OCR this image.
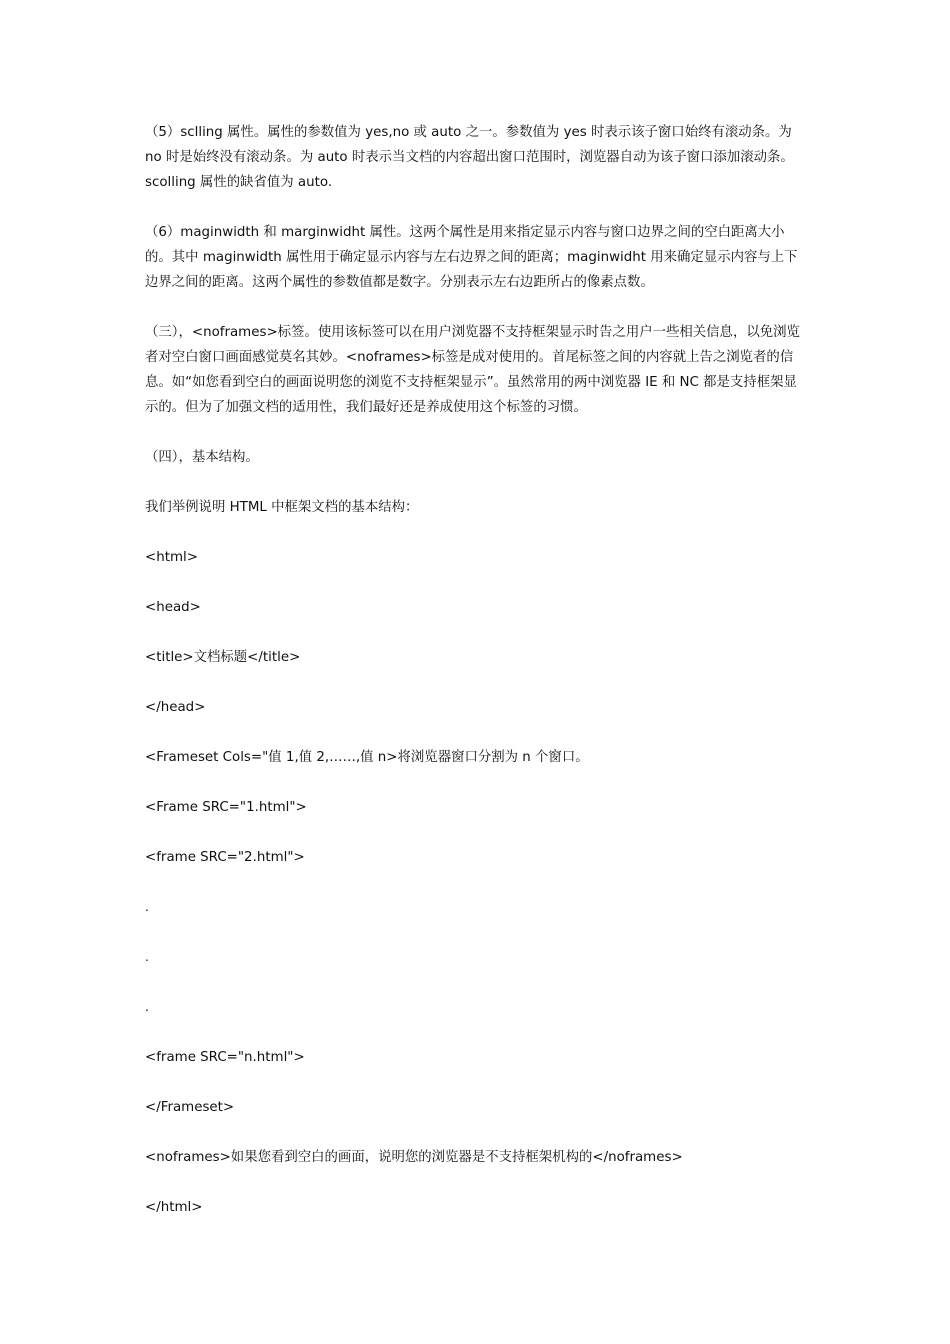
（5）sclling 属性。属性的参数值为 yes,no 或 auto 之一。参数值为 yes 时表示该子窗口始终有滚动条。为 no 时是始终没有滚动条。为 auto 时表示当文档的内容超出窗口范围时，浏览器自动为该子窗口添加滚动条。scolling 属性的缺省值为 auto.

（6）maginwidth 和 marginwidht 属性。这两个属性是用来指定显示内容与窗口边界之间的空白距离大小的。其中 maginwidth 属性用于确定显示内容与左右边界之间的距离；maginwidht 用来确定显示内容与上下边界之间的距离。这两个属性的参数值都是数字。分别表示左右边距所占的像素点数。

（三），<noframes>标签。使用该标签可以在用户浏览器不支持框架显示时告之用户一些相关信息，以免浏览者对空白窗口画面感觉莫名其妙。<noframes>标签是成对使用的。首尾标签之间的内容就上告之浏览者的信息。如“如您看到空白的画面说明您的浏览不支持框架显示”。虽然常用的两中浏览器 IE 和 NC 都是支持框架显示的。但为了加强文档的适用性，我们最好还是养成使用这个标签的习惯。

（四），基本结构。

我们举例说明 HTML 中框架文档的基本结构：

<html>

<head>

<title>文档标题</title>

</head>

<Frameset Cols="值 1,值 2,……,值 n>将浏览器窗口分割为 n 个窗口。

<Frame SRC="1.html">

<frame SRC="2.html">

.

.

.

<frame SRC="n.html">

</Frameset>

<noframes>如果您看到空白的画面，说明您的浏览器是不支持框架机构的</noframes>

</html>
